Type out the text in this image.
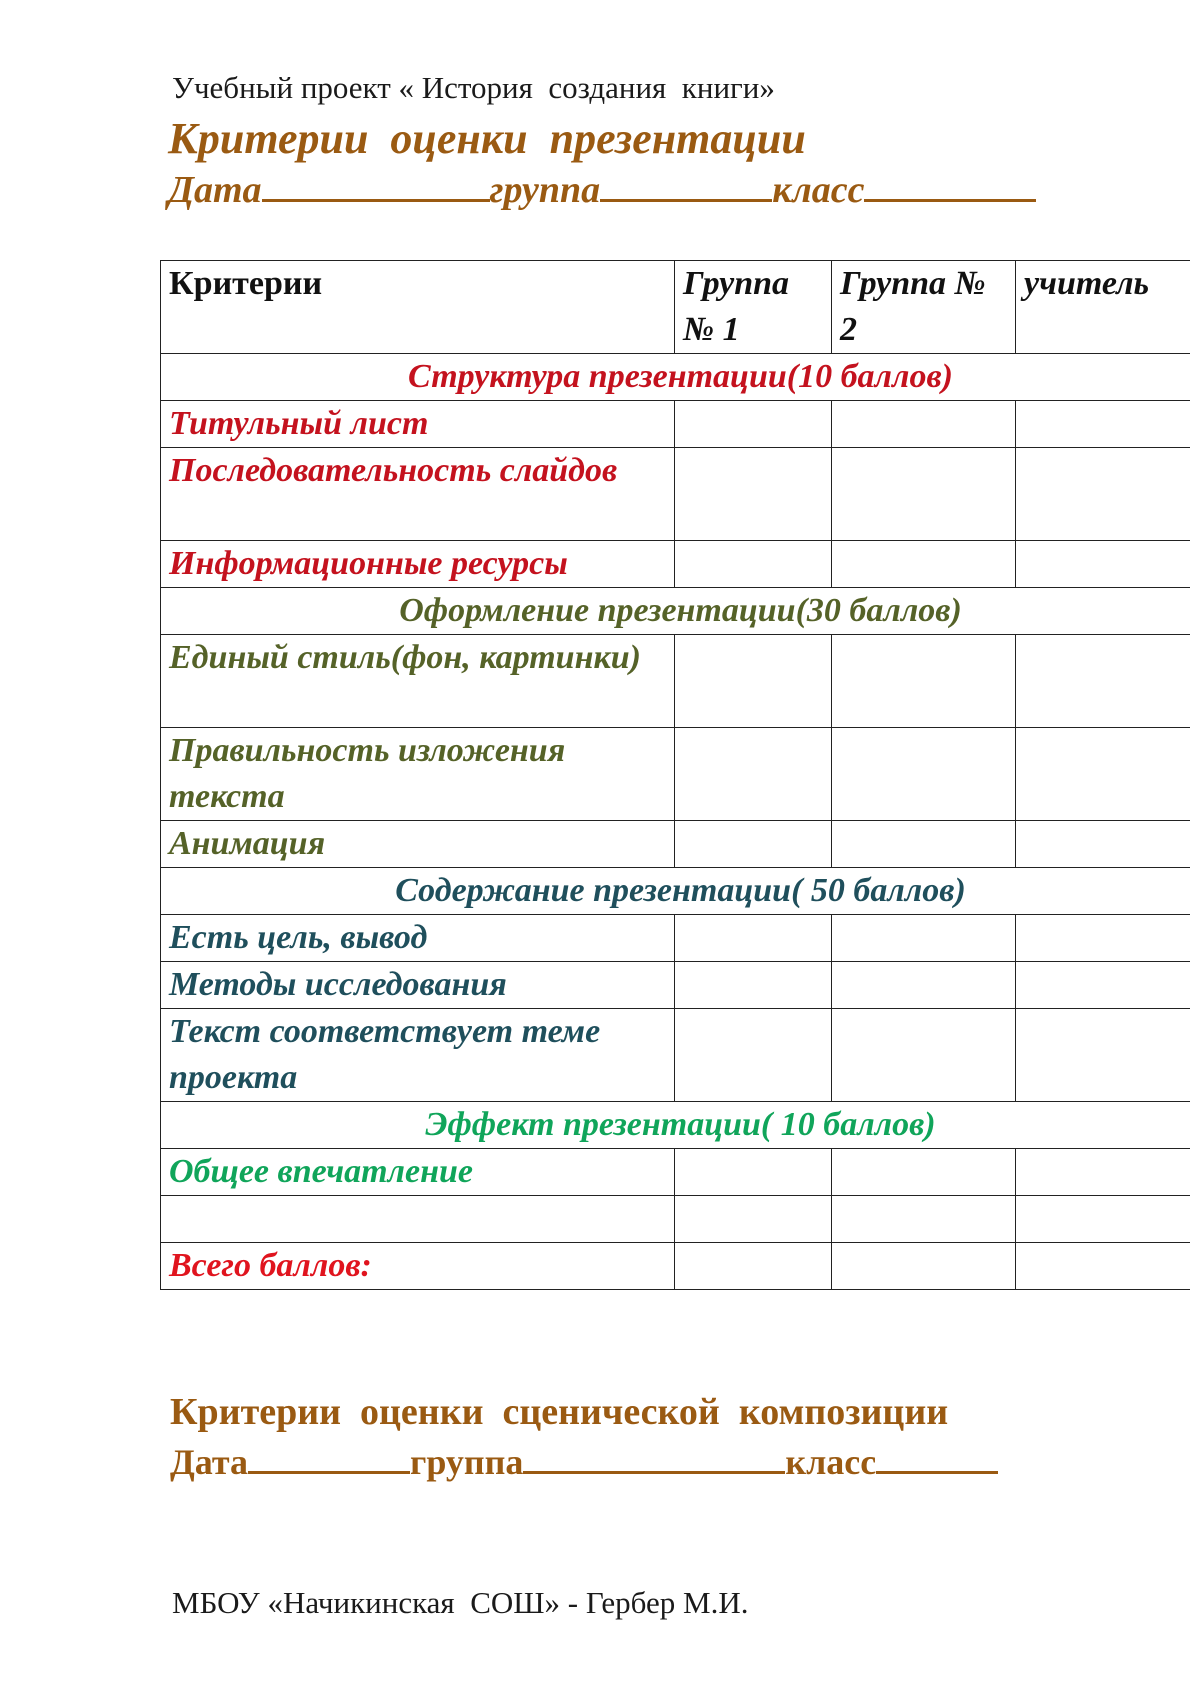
Учебный проект « История  создания  книги»
Критерии  оценки  презентации
Дата	группа	класс
Критерии	Группа № 1	Группа № 2	учитель
Структура презентации(10 баллов)			
Титульный лист			
Последовательность слайдов			
Информационные ресурсы			
Оформление презентации(30 баллов)			
Единый стиль(фон, картинки)			
Правильность изложения текста			
Анимация			
Содержание презентации( 50 баллов)			
Есть цель, вывод			
Методы исследования			
Текст соответствует теме проекта			
Эффект презентации( 10 баллов)			
Общее впечатление			

Всего баллов:			
Критерии  оценки  сценической  композиции
Дата	группа	класс
МБОУ «Начикинская  СОШ» - Гербер М.И.
